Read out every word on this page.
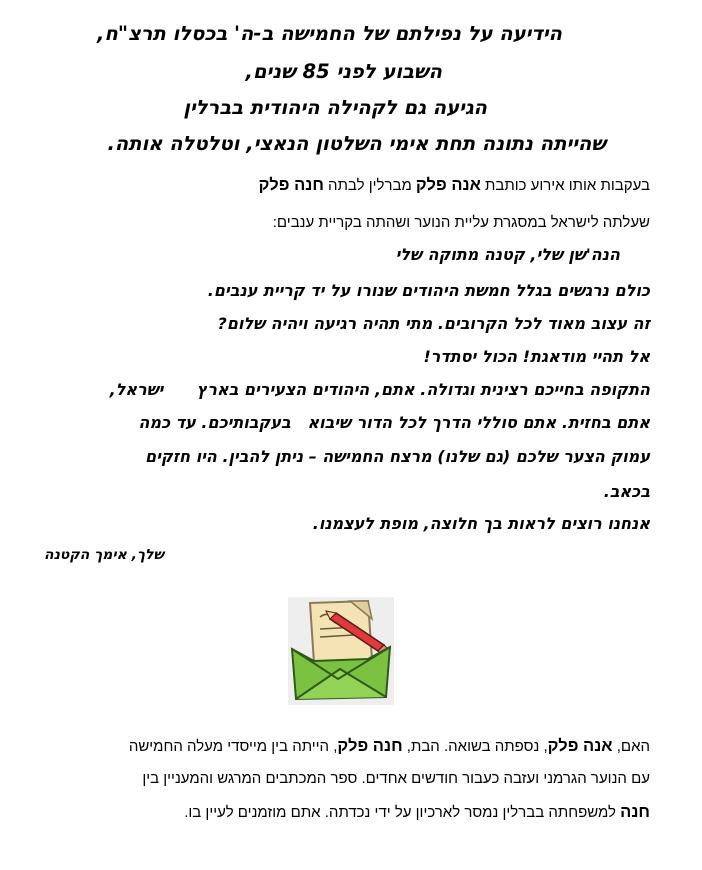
הידיעה על נפילתם של החמישה ב-ה' בכסלו תרצ"ח,
השבוע לפני 85 שנים,
הגיעה גם לקהילה היהודית בברלין
שהייתה נתונה תחת אימי השלטון הנאצי, וטלטלה אותה.
בעקבות אותו אירוע כותבת אנה פלק מברלין לבתה חנה פלק
שעלתה לישראל במסגרת עליית הנוער ושהתה בקריית ענבים:
הנה'שן שלי, קטנה מתוקה שלי
כולם נרגשים בגלל חמשת היהודים שנורו על יד קריית ענבים.
זה עצוב מאוד לכל הקרובים. מתי תהיה רגיעה ויהיה שלום?
אל תהיי מודאגת! הכול יסתדר!
התקופה בחייכם רצינית וגדולה. אתם, היהודים הצעירים בארץ      ישראל,
אתם בחזית. אתם סוללי הדרך לכל הדור שיבוא   בעקבותיכם. עד כמה
עמוק הצער שלכם (גם שלנו) מרצח החמישה – ניתן להבין. היו חזקים
בכאב.
אנחנו רוצים לראות בך חלוצה, מופת לעצמנו.
שלך, אימך הקטנה
האם, אנה פלק, נספתה בשואה. הבת, חנה פלק, הייתה בין מייסדי מעלה החמישה
עם הנוער הגרמני ועזבה כעבור חודשים אחדים. ספר המכתבים המרגש והמעניין בין
חנה למשפחתה בברלין נמסר לארכיון על ידי נכדתה. אתם מוזמנים לעיין בו.
